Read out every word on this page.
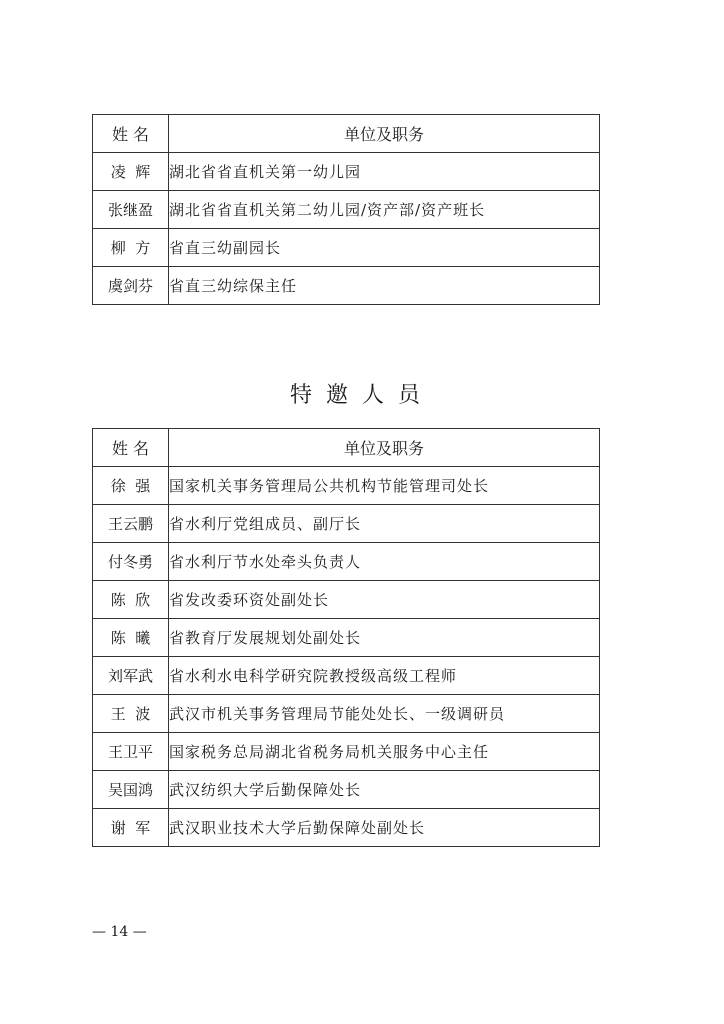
姓 名	单位及职务
凌  辉	湖北省省直机关第一幼儿园
张继盈	湖北省省直机关第二幼儿园/资产部/资产班长
柳  方	省直三幼副园长
虞剑芬	省直三幼综保主任
特邀人员
姓 名	单位及职务
徐  强	国家机关事务管理局公共机构节能管理司处长
王云鹏	省水利厅党组成员、副厅长
付冬勇	省水利厅节水处牵头负责人
陈  欣	省发改委环资处副处长
陈  曦	省教育厅发展规划处副处长
刘军武	省水利水电科学研究院教授级高级工程师
王  波	武汉市机关事务管理局节能处处长、一级调研员
王卫平	国家税务总局湖北省税务局机关服务中心主任
吴国鸿	武汉纺织大学后勤保障处长
谢  军	武汉职业技术大学后勤保障处副处长
— 14 —
